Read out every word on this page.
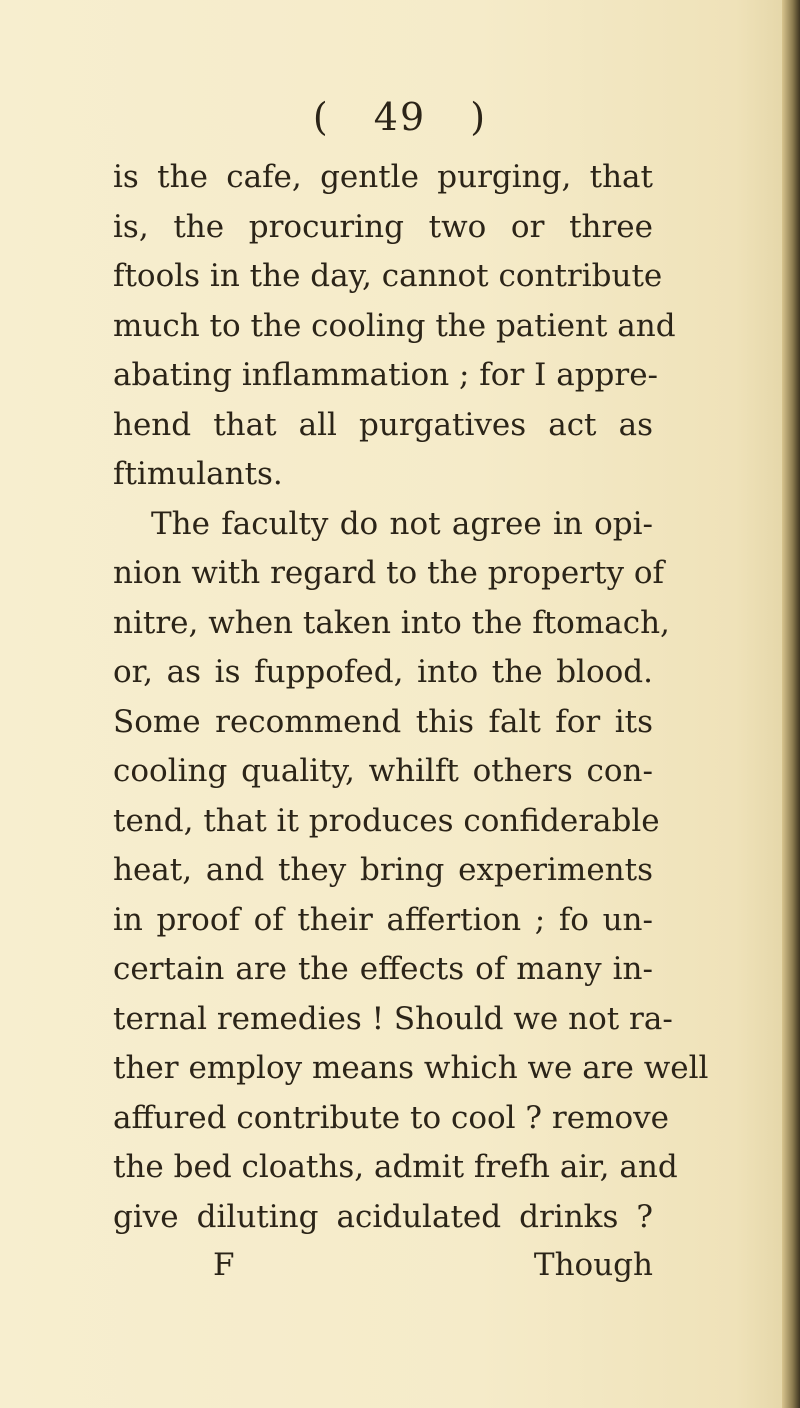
( 49 )
is the cafe, gentle purging, that
is, the procuring two or three
ftools in the day, cannot contribute
much to the cooling the patient and
abating inflammation ; for I appre-
hend that all purgatives act as
ftimulants.
The faculty do not agree in opi-
nion with regard to the property of
nitre, when taken into the ftomach,
or, as is fuppofed, into the blood.
Some recommend this falt for its
cooling quality, whilft others con-
tend, that it produces confiderable
heat, and they bring experiments
in proof of their affertion ; fo un-
certain are the effects of many in-
ternal remedies ! Should we not ra-
ther employ means which we are well
affured contribute to cool ? remove
the bed cloaths, admit frefh air, and
give diluting acidulated drinks ?
F	Though
